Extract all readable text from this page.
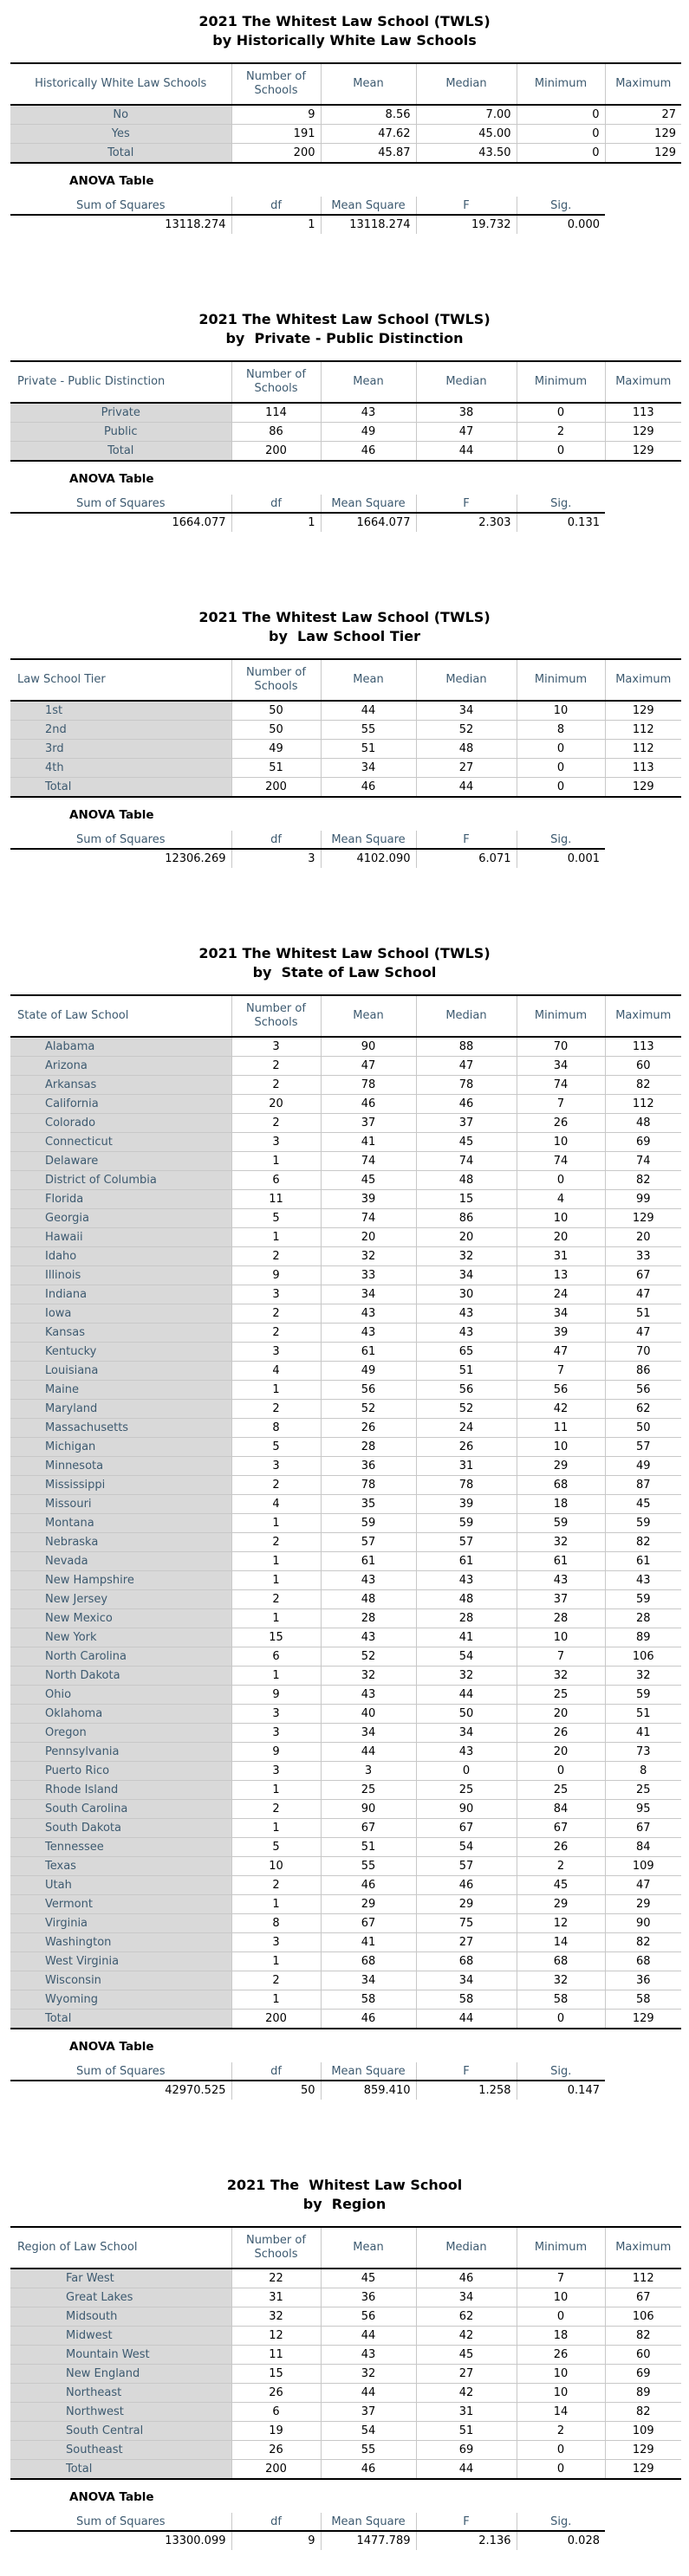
2021 The Whitest Law School (TWLS)
by Historically White Law Schools
Historically White Law Schools	Number of Schools	Mean	Median	Minimum	Maximum
No	9	8.56	7.00	0	27
Yes	191	47.62	45.00	0	129
Total	200	45.87	43.50	0	129
ANOVA Table
Sum of Squares	df	Mean Square	F	Sig.
13118.274	1	13118.274	19.732	0.000
2021 The Whitest Law School (TWLS)
by  Private - Public Distinction
Private - Public Distinction	Number of Schools	Mean	Median	Minimum	Maximum
Private	114	43	38	0	113
Public	86	49	47	2	129
Total	200	46	44	0	129
ANOVA Table
Sum of Squares	df	Mean Square	F	Sig.
1664.077	1	1664.077	2.303	0.131
2021 The Whitest Law School (TWLS)
by  Law School Tier
Law School Tier	Number of Schools	Mean	Median	Minimum	Maximum
1st	50	44	34	10	129
2nd	50	55	52	8	112
3rd	49	51	48	0	112
4th	51	34	27	0	113
Total	200	46	44	0	129
ANOVA Table
Sum of Squares	df	Mean Square	F	Sig.
12306.269	3	4102.090	6.071	0.001
2021 The Whitest Law School (TWLS)
by  State of Law School
State of Law School	Number of Schools	Mean	Median	Minimum	Maximum
Alabama	3	90	88	70	113
Arizona	2	47	47	34	60
Arkansas	2	78	78	74	82
California	20	46	46	7	112
Colorado	2	37	37	26	48
Connecticut	3	41	45	10	69
Delaware	1	74	74	74	74
District of Columbia	6	45	48	0	82
Florida	11	39	15	4	99
Georgia	5	74	86	10	129
Hawaii	1	20	20	20	20
Idaho	2	32	32	31	33
Illinois	9	33	34	13	67
Indiana	3	34	30	24	47
Iowa	2	43	43	34	51
Kansas	2	43	43	39	47
Kentucky	3	61	65	47	70
Louisiana	4	49	51	7	86
Maine	1	56	56	56	56
Maryland	2	52	52	42	62
Massachusetts	8	26	24	11	50
Michigan	5	28	26	10	57
Minnesota	3	36	31	29	49
Mississippi	2	78	78	68	87
Missouri	4	35	39	18	45
Montana	1	59	59	59	59
Nebraska	2	57	57	32	82
Nevada	1	61	61	61	61
New Hampshire	1	43	43	43	43
New Jersey	2	48	48	37	59
New Mexico	1	28	28	28	28
New York	15	43	41	10	89
North Carolina	6	52	54	7	106
North Dakota	1	32	32	32	32
Ohio	9	43	44	25	59
Oklahoma	3	40	50	20	51
Oregon	3	34	34	26	41
Pennsylvania	9	44	43	20	73
Puerto Rico	3	3	0	0	8
Rhode Island	1	25	25	25	25
South Carolina	2	90	90	84	95
South Dakota	1	67	67	67	67
Tennessee	5	51	54	26	84
Texas	10	55	57	2	109
Utah	2	46	46	45	47
Vermont	1	29	29	29	29
Virginia	8	67	75	12	90
Washington	3	41	27	14	82
West Virginia	1	68	68	68	68
Wisconsin	2	34	34	32	36
Wyoming	1	58	58	58	58
Total	200	46	44	0	129
ANOVA Table
Sum of Squares	df	Mean Square	F	Sig.
42970.525	50	859.410	1.258	0.147
2021 The  Whitest Law School
by  Region
Region of Law School	Number of Schools	Mean	Median	Minimum	Maximum
Far West	22	45	46	7	112
Great Lakes	31	36	34	10	67
Midsouth	32	56	62	0	106
Midwest	12	44	42	18	82
Mountain West	11	43	45	26	60
New England	15	32	27	10	69
Northeast	26	44	42	10	89
Northwest	6	37	31	14	82
South Central	19	54	51	2	109
Southeast	26	55	69	0	129
Total	200	46	44	0	129
ANOVA Table
Sum of Squares	df	Mean Square	F	Sig.
13300.099	9	1477.789	2.136	0.028
